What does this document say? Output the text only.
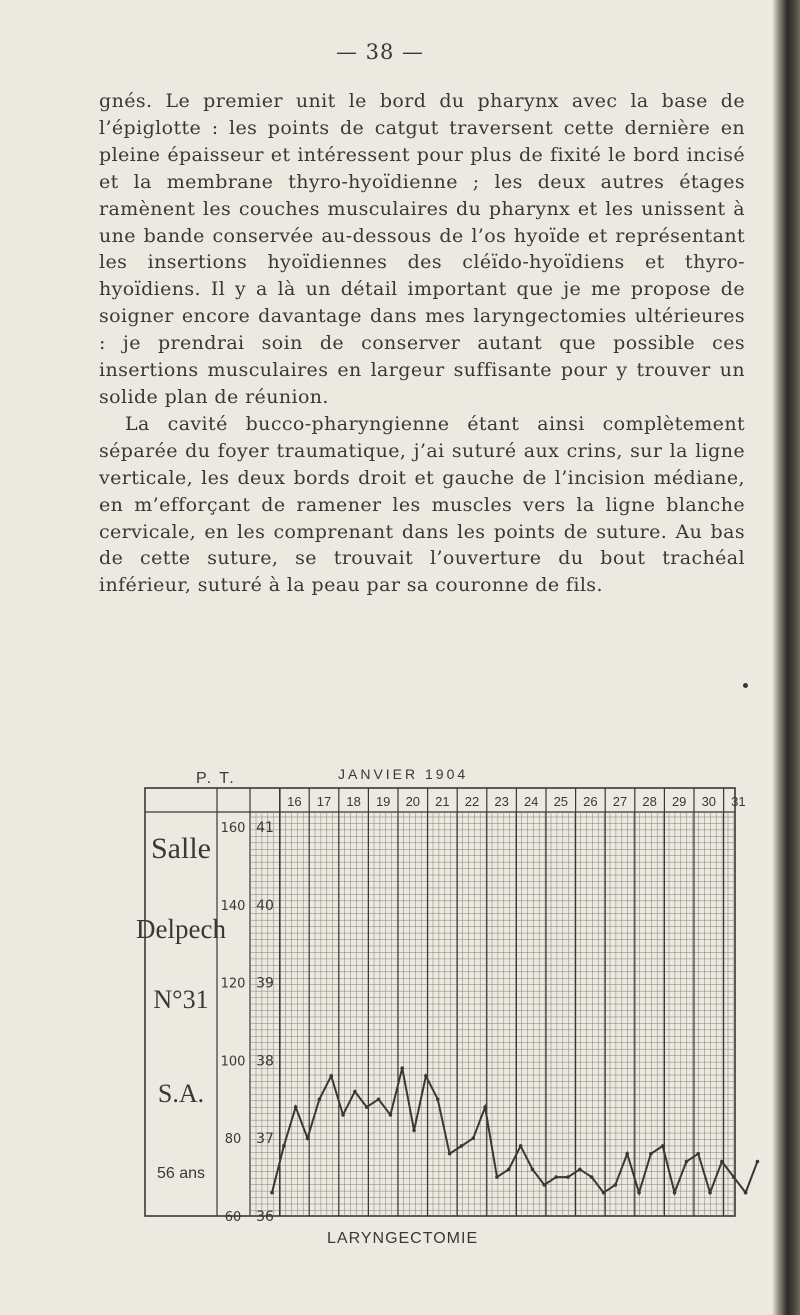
— 38 —

gnés. Le premier unit le bord du pharynx avec la base de l’épiglotte : les points de catgut traversent cette dernière en pleine épaisseur et intéressent pour plus de fixité le bord incisé et la membrane thyro-hyoïdienne ; les deux autres étages ramènent les couches musculaires du pharynx et les unissent à une bande conservée au-dessous de l’os hyoïde et représentant les insertions hyoïdiennes des cléïdo-hyoïdiens et thyro-hyoïdiens. Il y a là un détail important que je me propose de soigner encore davantage dans mes laryngectomies ultérieures : je prendrai soin de conserver autant que possible ces insertions musculaires en largeur suffisante pour y trouver un solide plan de réunion.

La cavité bucco-pharyngienne étant ainsi complètement séparée du foyer traumatique, j’ai suturé aux crins, sur la ligne verticale, les deux bords droit et gauche de l’incision médiane, en m’efforçant de ramener les muscles vers la ligne blanche cervicale, en les comprenant dans les points de suture. Au bas de cette suture, se trouvait l’ouverture du bout trachéal inférieur, suturé à la peau par sa couronne de fils.

P. T.	JANVIER 1904
16 17 18 19 20 21 22 23 24 25 26 27 28 29 30 31
160
140
120
100
80
60
41
40
39
38
37
36
Salle
Delpech
N°31
S.A.
56 ans
LARYNGECTOMIE
